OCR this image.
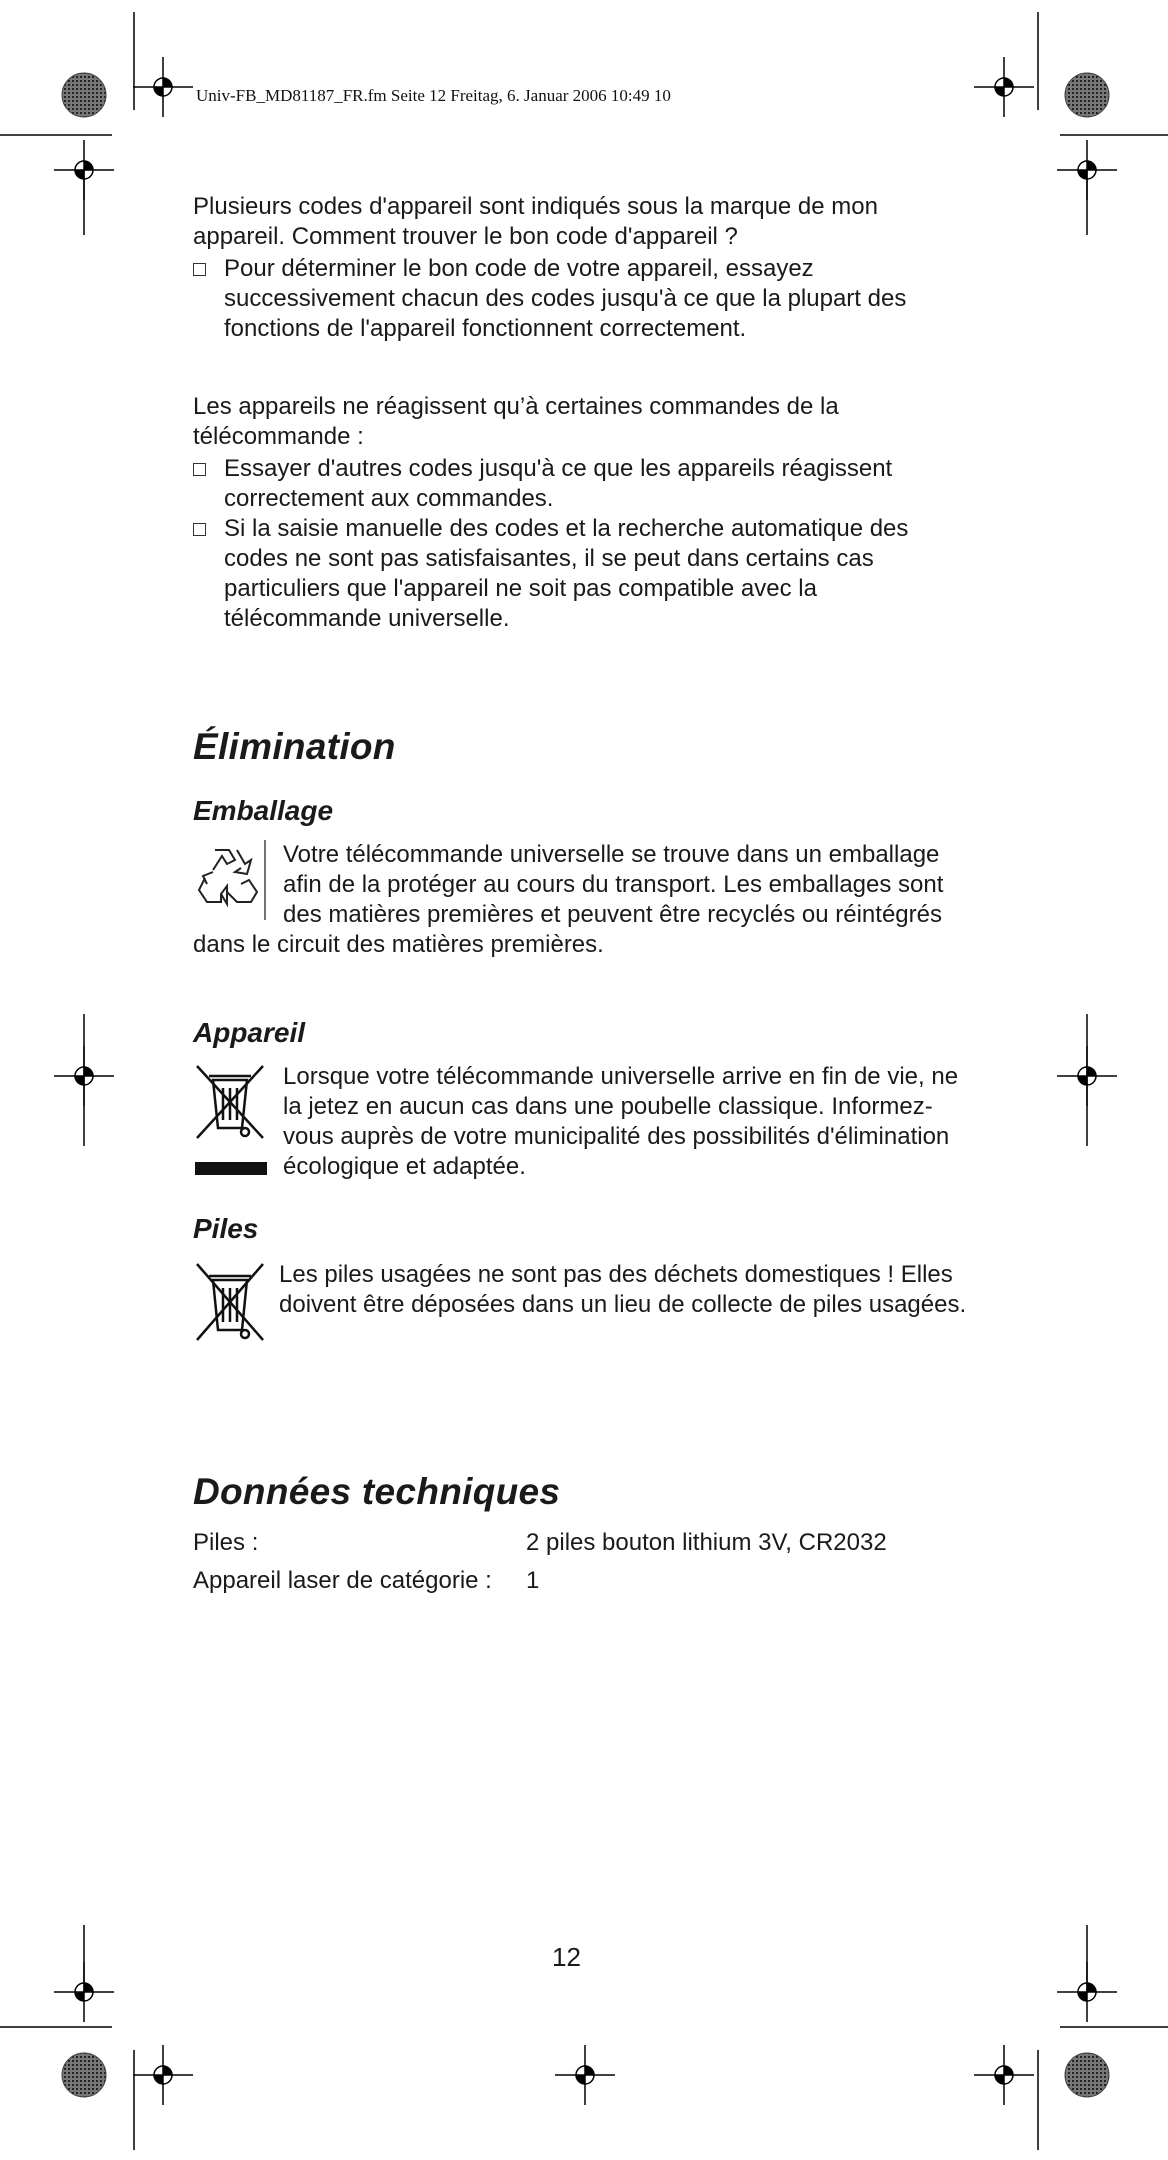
Univ-FB_MD81187_FR.fm Seite 12 Freitag, 6. Januar 2006 10:49 10

Plusieurs codes d'appareil sont indiqués sous la marque de mon appareil. Comment trouver le bon code d'appareil ?

Pour déterminer le bon code de votre appareil, essayez successivement chacun des codes jusqu'à ce que la plupart des fonctions de l'appareil fonctionnent correctement.

Les appareils ne réagissent qu’à certaines commandes de la télécommande :

Essayer d'autres codes jusqu'à ce que les appareils réagissent correctement aux commandes.
Si la saisie manuelle des codes et la recherche automatique des codes ne sont pas satisfaisantes, il se peut dans certains cas particuliers que l'appareil ne soit pas compatible avec la télécommande universelle.
Élimination
Emballage

Votre télécommande universelle se trouve dans un emballage afin de la protéger au cours du transport. Les emballages sont des matières premières et peuvent être recyclés ou réintégrés dans le circuit des matières premières.

Appareil

Lorsque votre télécommande universelle arrive en fin de vie, ne la jetez en aucun cas dans une poubelle classique. Informez-vous auprès de votre municipalité des possibilités d'élimination écologique et adaptée.

Piles

Les piles usagées ne sont pas des déchets domestiques ! Elles doivent être déposées dans un lieu de collecte de piles usagées.

Données techniques
Piles :	2 piles bouton lithium 3V, CR2032
Appareil laser de catégorie : 1
12
